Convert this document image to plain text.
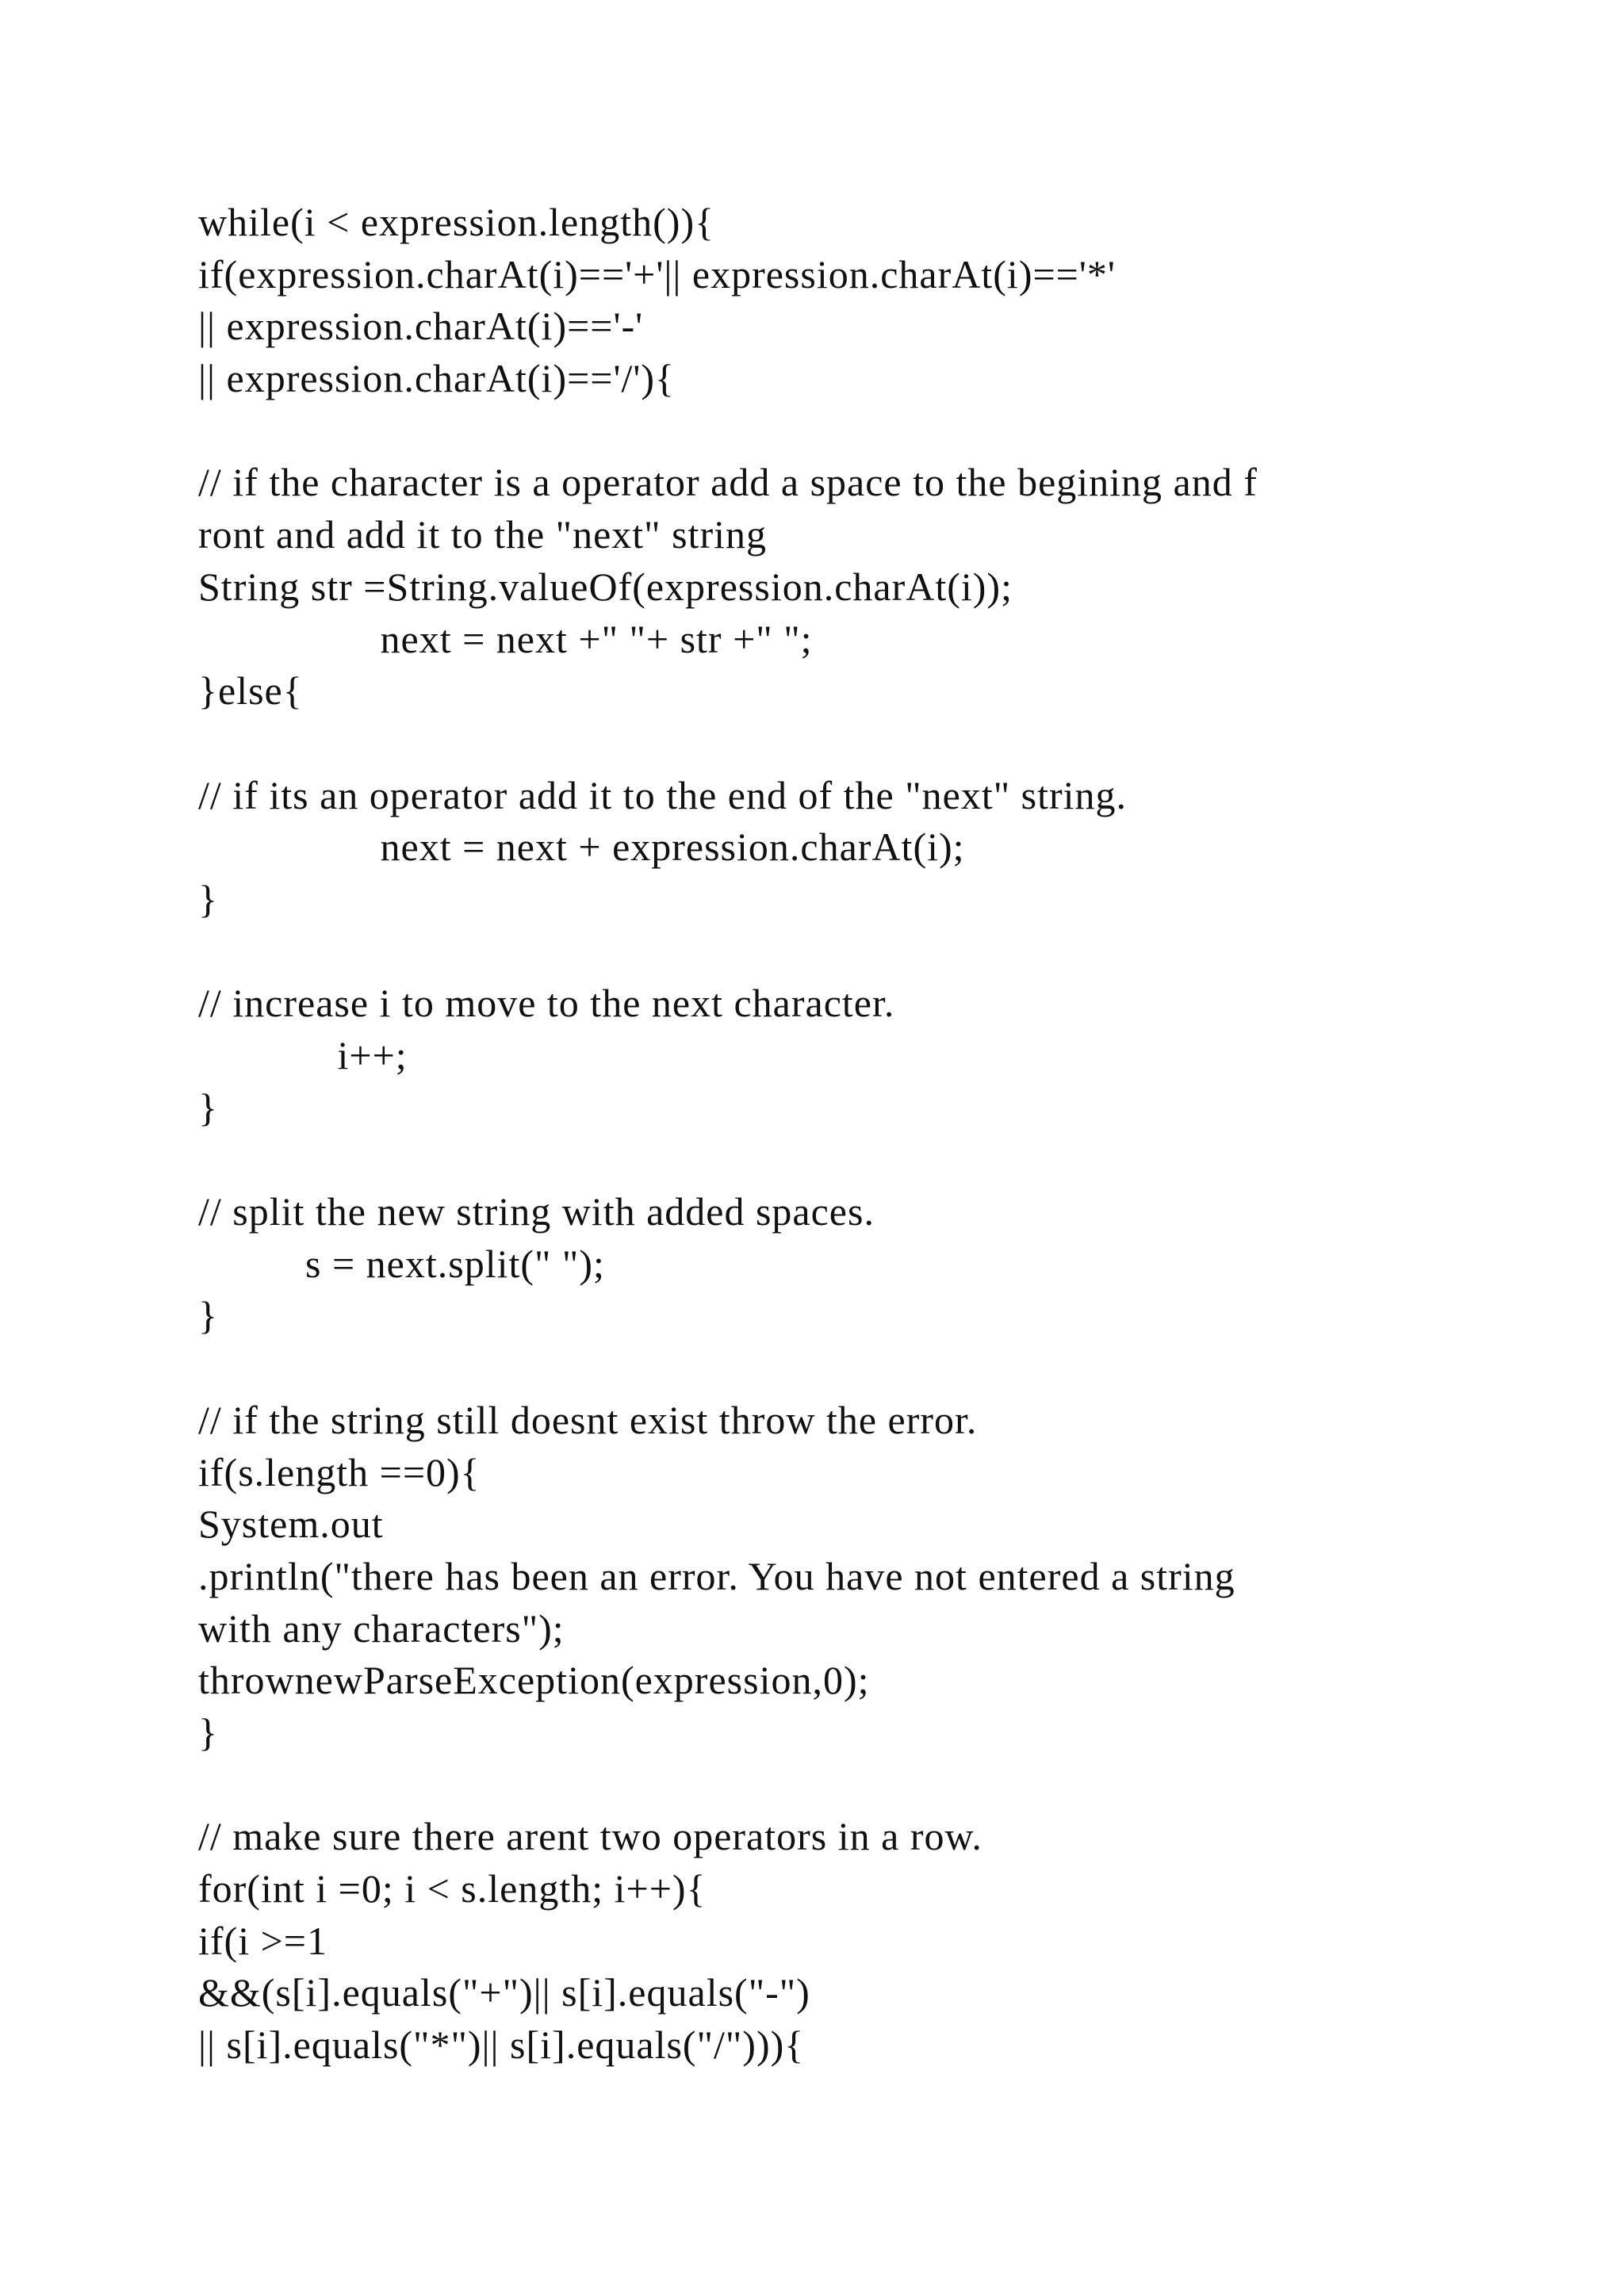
while(i < expression.length()){
if(expression.charAt(i)=='+'|| expression.charAt(i)=='*'
|| expression.charAt(i)=='-'
|| expression.charAt(i)=='/'){
// if the character is a operator add a space to the begining and f
ront and add it to the "next" string
String str =String.valueOf(expression.charAt(i));
next = next +" "+ str +" ";
}else{
// if its an operator add it to the end of the "next" string.
next = next + expression.charAt(i);
}
// increase i to move to the next character.
i++;
}
// split the new string with added spaces.
s = next.split(" ");
}
// if the string still doesnt exist throw the error.
if(s.length ==0){
System.out
.println("there has been an error. You have not entered a string
with any characters");
thrownewParseException(expression,0);
}
// make sure there arent two operators in a row.
for(int i =0; i < s.length; i++){
if(i >=1
&&(s[i].equals("+")|| s[i].equals("-")
|| s[i].equals("*")|| s[i].equals("/"))){
